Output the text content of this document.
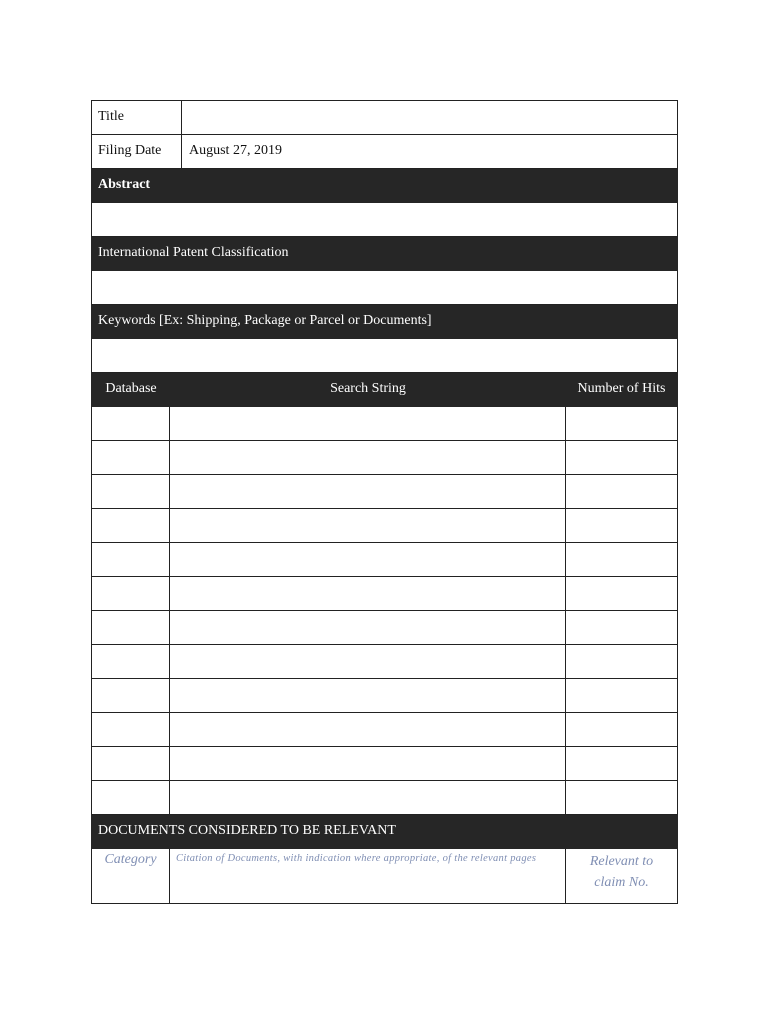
Title
Filing Date	August 27, 2019
Abstract
International Patent Classification
Keywords [Ex: Shipping, Package or Parcel or Documents]
Database	Search String	Number of Hits
DOCUMENTS CONSIDERED TO BE RELEVANT
Category	Citation of Documents, with indication where appropriate, of the relevant pages	Relevant to claim No.
